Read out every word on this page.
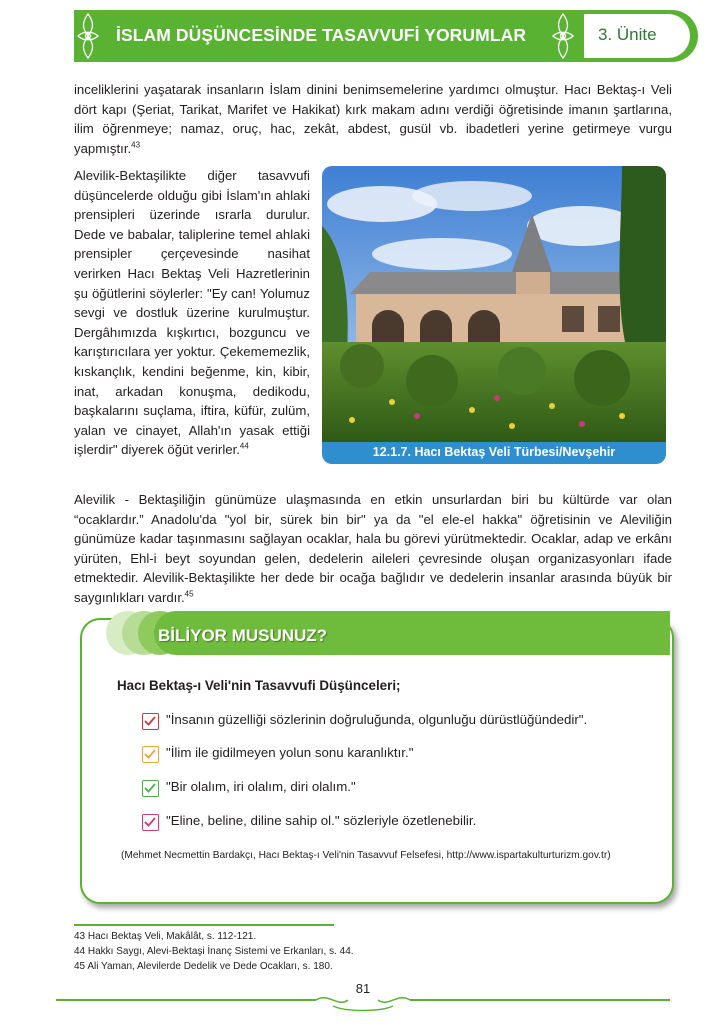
İSLAM DÜŞÜNCESİNDE TASAVVUFİ YORUMLAR	3. Ünite

inceliklerini yaşatarak insanların İslam dinini benimsemelerine yardımcı olmuştur. Hacı Bektaş-ı Veli dört kapı (Şeriat, Tarikat, Marifet ve Hakikat) kırk makam adını verdiği öğretisinde imanın şartlarına, ilim öğrenmeye; namaz, oruç, hac, zekât, abdest, gusül vb. ibadetleri yerine getirmeye vurgu yapmıştır.$^{43}$

Alevilik-Bektaşilikte diğer tasavvufi düşüncelerde olduğu gibi İslam'ın ahlaki prensipleri üzerinde ısrarla durulur. Dede ve babalar, taliplerine temel ahlaki prensipler çerçevesinde nasihat verirken Hacı Bektaş Veli Hazretlerinin şu öğütlerini söylerler: "Ey can! Yolumuz sevgi ve dostluk üzerine kurulmuştur. Dergâhımızda kışkırtıcı, bozguncu ve karıştırıcılara yer yoktur. Çekememezlik, kıskançlık, kendini beğenme, kin, kibir, inat, arkadan konuşma, dedikodu, başkalarını suçlama, iftira, küfür, zulüm, yalan ve cinayet, Allah'ın yasak ettiği işlerdir" diyerek öğüt verirler.$^{44}$	12.1.7. Hacı Bektaş Veli Türbesi/Nevşehir

Alevilik - Bektaşiliğin günümüze ulaşmasında en etkin unsurlardan biri bu kültürde var olan “ocaklardır.” Anadolu'da "yol bir, sürek bin bir" ya da "el ele-el hakka" öğretisinin ve Aleviliğin günümüze kadar taşınmasını sağlayan ocaklar, hala bu görevi yürütmektedir. Ocaklar, adap ve erkânı yürüten, Ehl-i beyt soyundan gelen, dedelerin aileleri çevresinde oluşan organizasyonları ifade etmektedir. Alevilik-Bektaşilikte her dede bir ocağa bağlıdır ve dedelerin insanlar arasında büyük bir saygınlıkları vardır.$^{45}$

BİLİYOR MUSUNUZ?
Hacı Bektaş-ı Veli'nin Tasavvufi Düşünceleri;
"İnsanın güzelliği sözlerinin doğruluğunda, olgunluğu dürüstlüğündedir".
"İlim ile gidilmeyen yolun sonu karanlıktır."
"Bir olalım, iri olalım, diri olalım."
"Eline, beline, diline sahip ol." sözleriyle özetlenebilir.
(Mehmet Necmettin Bardakçı, Hacı Bektaş-ı Veli'nin Tasavvuf Felsefesi, http://www.ispartakulturturizm.gov.tr)
43 Hacı Bektaş Veli, Makâlât, s. 112-121.
44 Hakkı Saygı, Alevi-Bektaşi İnanç Sistemi ve Erkanları, s. 44.
45 Ali Yaman, Alevilerde Dedelik ve Dede Ocakları, s. 180.
81
